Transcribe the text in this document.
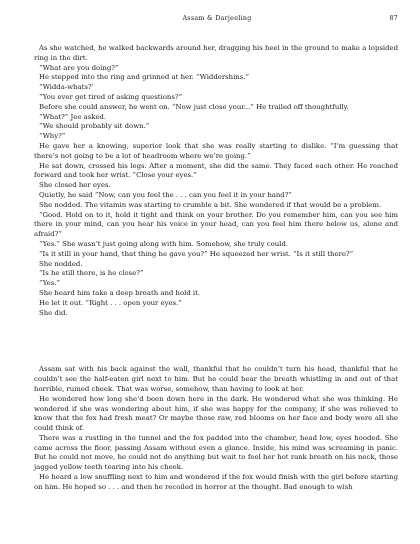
Assam & Darjeeling	87

As she watched, he walked backwards around her, dragging his heel in the ground to make a lopsided ring in the dirt.

“What are you doing?”

He stepped into the ring and grinned at her. “Widdershins.”

“Widda-whats?’

“You ever get tired of asking questions?”

Before she could answer, he went on. “Now just close your...” He trailed off thoughtfully.

“What?” Jee asked.

“We should probably sit down.”

“Why?”

He gave her a knowing, superior look that she was really starting to dislike. “I’m guessing that there’s not going to be a lot of headroom where we’re going.”

He sat down, crossed his legs. After a moment, she did the same. They faced each other. He reached forward and took her wrist. “Close your eyes.”

She closed her eyes.

Quietly, he said “Now, can you feel the . . . can you feel it in your hand?”

She nodded. The vitamin was starting to crumble a bit. She wondered if that would be a problem.

“Good. Hold on to it, hold it tight and think on your brother. Do you remember him, can you see him there in your mind, can you hear his voice in your head, can you feel him there below us, alone and afraid?”

“Yes.” She wasn’t just going along with him. Somehow, she truly could.

“Is it still in your hand, that thing he gave you?” He squeezed her wrist. “Is it still there?”

She nodded.

“Is he still there, is he close?”

“Yes.”

She heard him take a deep breath and hold it.

He let it out. “Right . . . open your eyes.”

She did.

Assam sat with his back against the wall, thankful that he couldn’t turn his head, thankful that he couldn’t see the half-eaten girl next to him. But he could hear the breath whistling in and out of that horrible, ruined cheek. That was worse, somehow, than having to look at her.

He wondered how long she’d been down here in the dark. He wondered what she was thinking. He wondered if she was wondering about him, if she was happy for the company, if she was relieved to know that the fox had fresh meat? Or maybe those raw, red blooms on her face and body were all she could think of.

There was a rustling in the tunnel and the fox padded into the chamber, head low, eyes hooded. She came across the floor, passing Assam without even a glance. Inside, his mind was screaming in panic. But he could not move, he could not do anything but wait to feel her hot rank breath on his neck, those jagged yellow teeth tearing into his cheek.

He heard a low snuffling next to him and wondered if the fox would finish with the girl before starting on him. He hoped so . . . and then he recoiled in horror at the thought. Bad enough to wish
